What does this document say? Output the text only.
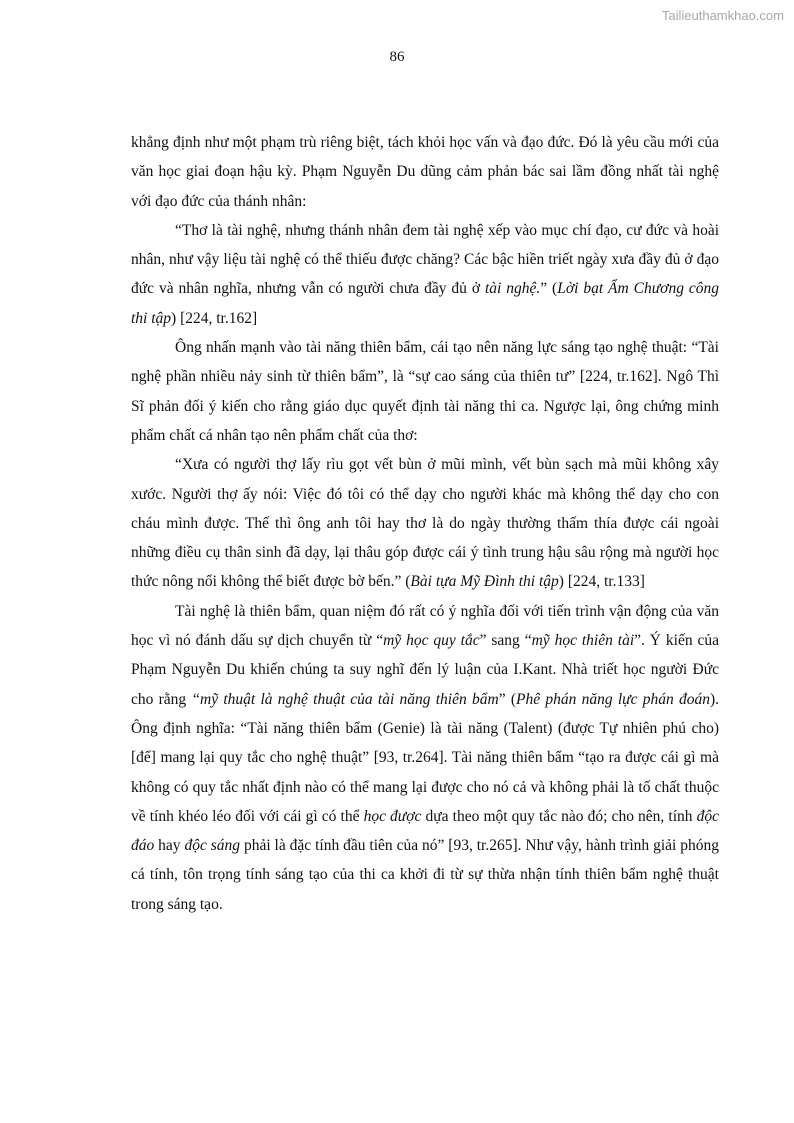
Tailieuthamkhao.com
86

khẳng định như một phạm trù riêng biệt, tách khỏi học vấn và đạo đức. Đó là yêu cầu mới của văn học giai đoạn hậu kỳ. Phạm Nguyễn Du dũng cảm phản bác sai lầm đồng nhất tài nghệ với đạo đức của thánh nhân:

“Thơ là tài nghệ, nhưng thánh nhân đem tài nghệ xếp vào mục chí đạo, cư đức và hoài nhân, như vậy liệu tài nghệ có thể thiếu được chăng? Các bậc hiền triết ngày xưa đầy đủ ở đạo đức và nhân nghĩa, nhưng vẫn có người chưa đầy đủ ở tài nghệ.” (Lời bạt Ẩm Chương công thi tập) [224, tr.162]

Ông nhấn mạnh vào tài năng thiên bẩm, cái tạo nên năng lực sáng tạo nghệ thuật: “Tài nghệ phần nhiều nảy sinh từ thiên bẩm”, là “sự cao sáng của thiên tư” [224, tr.162]. Ngô Thì Sĩ phản đối ý kiến cho rằng giáo dục quyết định tài năng thi ca. Ngược lại, ông chứng minh phẩm chất cá nhân tạo nên phẩm chất của thơ:

“Xưa có người thợ lấy rìu gọt vết bùn ở mũi mình, vết bùn sạch mà mũi không xây xước. Người thợ ấy nói: Việc đó tôi có thể dạy cho người khác mà không thể dạy cho con cháu mình được. Thế thì ông anh tôi hay thơ là do ngày thường thấm thía được cái ngoài những điều cụ thân sinh đã dạy, lại thâu góp được cái ý tình trung hậu sâu rộng mà người học thức nông nổi không thể biết được bờ bến.” (Bài tựa Mỹ Đình thi tập) [224, tr.133]

Tài nghệ là thiên bẩm, quan niệm đó rất có ý nghĩa đối với tiến trình vận động của văn học vì nó đánh dấu sự dịch chuyển từ “mỹ học quy tắc” sang “mỹ học thiên tài”. Ý kiến của Phạm Nguyễn Du khiến chúng ta suy nghĩ đến lý luận của I.Kant. Nhà triết học người Đức cho rằng “mỹ thuật là nghệ thuật của tài năng thiên bẩm” (Phê phán năng lực phán đoán). Ông định nghĩa: “Tài năng thiên bẩm (Genie) là tài năng (Talent) (được Tự nhiên phú cho) [để] mang lại quy tắc cho nghệ thuật” [93, tr.264]. Tài năng thiên bẩm “tạo ra được cái gì mà không có quy tắc nhất định nào có thể mang lại được cho nó cả và không phải là tố chất thuộc về tính khéo léo đối với cái gì có thể học được dựa theo một quy tắc nào đó; cho nên, tính độc đáo hay độc sáng phải là đặc tính đầu tiên của nó” [93, tr.265]. Như vậy, hành trình giải phóng cá tính, tôn trọng tính sáng tạo của thi ca khởi đi từ sự thừa nhận tính thiên bẩm nghệ thuật trong sáng tạo.
